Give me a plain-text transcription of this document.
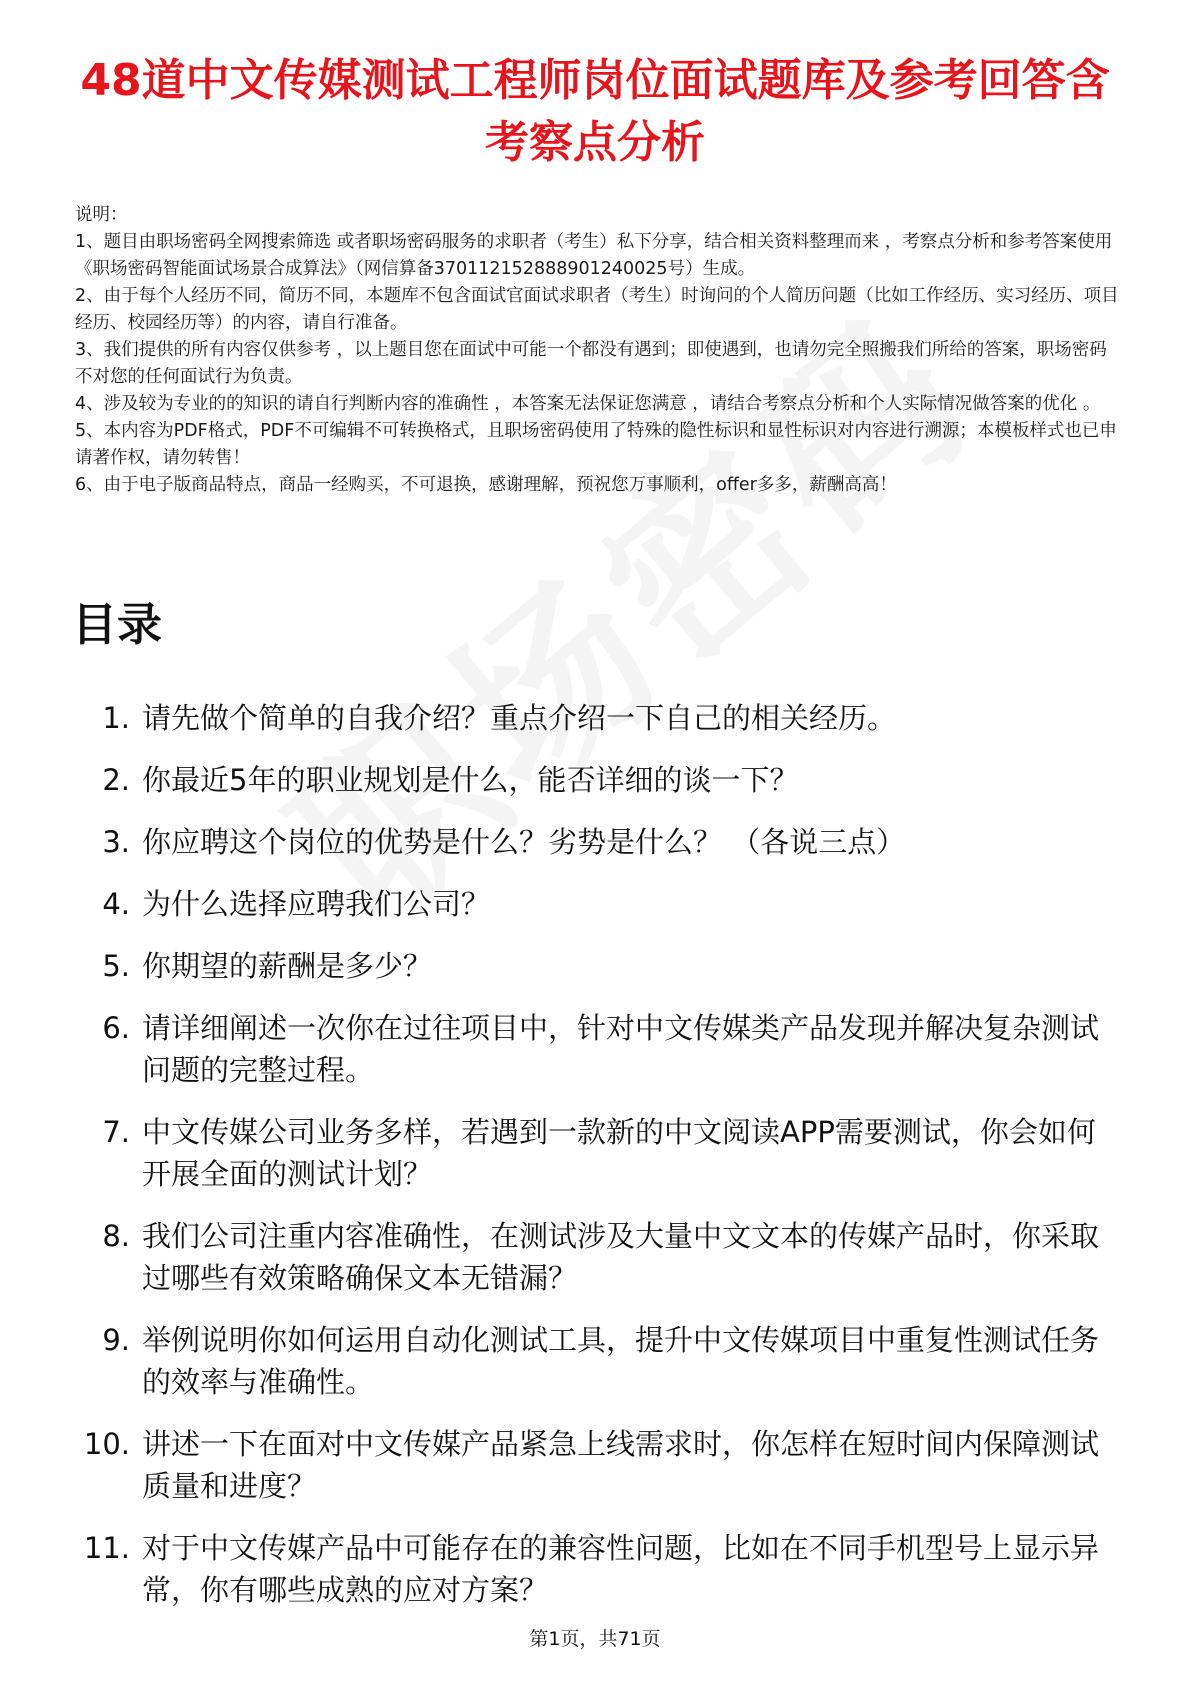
48道中文传媒测试工程师岗位面试题库及参考回答含考察点分析
说明：
1、题目由职场密码全网搜索筛选 或者职场密码服务的求职者（考生）私下分享，结合相关资料整理而来 ，考察点分析和参考答案使用《职场密码智能面试场景合成算法》（网信算备370112152888901240025号）生成。
2、由于每个人经历不同，简历不同，本题库不包含面试官面试求职者（考生）时询问的个人简历问题（比如工作经历、实习经历、项目经历、校园经历等）的内容，请自行准备。
3、我们提供的所有内容仅供参考 ，以上题目您在面试中可能一个都没有遇到；即使遇到，也请勿完全照搬我们所给的答案，职场密码不对您的任何面试行为负责。
4、涉及较为专业的的知识的请自行判断内容的准确性 ，本答案无法保证您满意 ，请结合考察点分析和个人实际情况做答案的优化 。
5、本内容为PDF格式，PDF不可编辑不可转换格式，且职场密码使用了特殊的隐性标识和显性标识对内容进行溯源；本模板样式也已申请著作权，请勿转售！
6、由于电子版商品特点，商品一经购买，不可退换，感谢理解，预祝您万事顺利，offer多多，薪酬高高！
目录
1. 请先做个简单的自我介绍？重点介绍一下自己的相关经历。
2. 你最近5年的职业规划是什么，能否详细的谈一下？
3. 你应聘这个岗位的优势是什么？劣势是什么？ （各说三点）
4. 为什么选择应聘我们公司？
5. 你期望的薪酬是多少？
6. 请详细阐述一次你在过往项目中，针对中文传媒类产品发现并解决复杂测试问题的完整过程。
7. 中文传媒公司业务多样，若遇到一款新的中文阅读APP需要测试，你会如何开展全面的测试计划？
8. 我们公司注重内容准确性，在测试涉及大量中文文本的传媒产品时，你采取过哪些有效策略确保文本无错漏？
9. 举例说明你如何运用自动化测试工具，提升中文传媒项目中重复性测试任务的效率与准确性。
10. 讲述一下在面对中文传媒产品紧急上线需求时，你怎样在短时间内保障测试质量和进度？
11. 对于中文传媒产品中可能存在的兼容性问题，比如在不同手机型号上显示异常，你有哪些成熟的应对方案？
第1页，共71页
